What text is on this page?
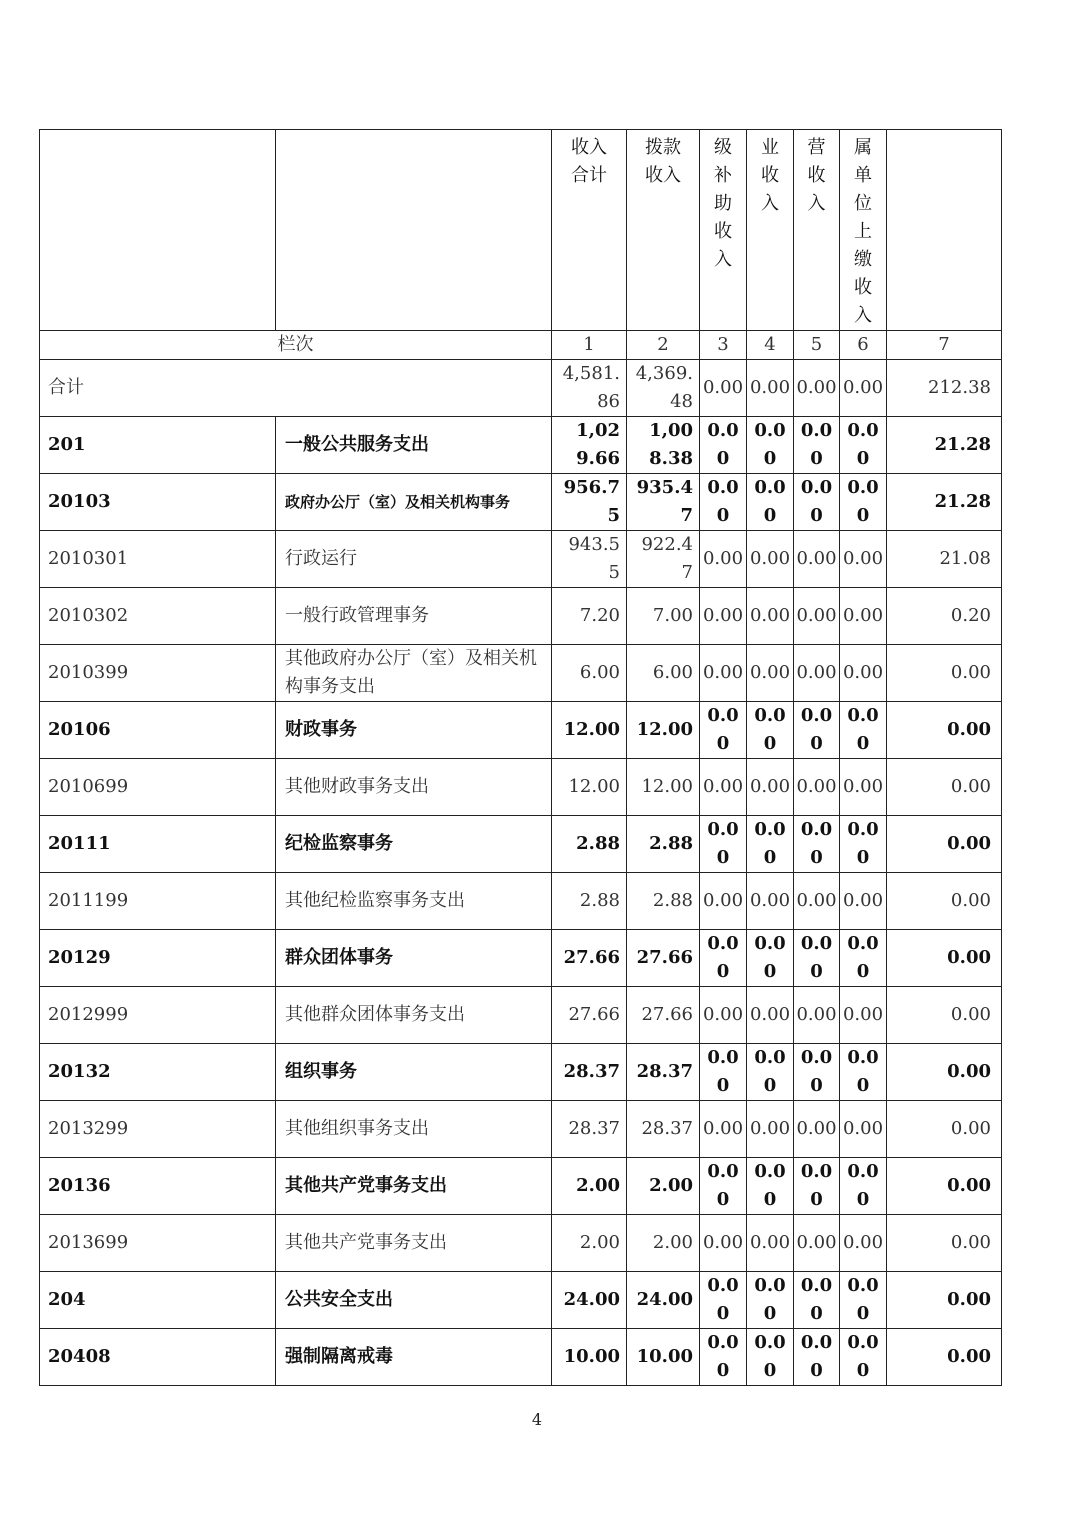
		收入合计	拨款收入	级补助收入	业收入	营收入	属单位上缴收入	

栏次		1	2	3	4	5	6	7
合计		4,581.86	4,369.48	0.00	0.00	0.00	0.00	212.38
201	一般公共服务支出	1,029.66	1,008.38	0.00	0.00	0.00	0.00	21.28
20103	政府办公厅（室）及相关机构事务	956.75	935.47	0.00	0.00	0.00	0.00	21.28
2010301	行政运行	943.55	922.47	0.00	0.00	0.00	0.00	21.08
2010302	一般行政管理事务	7.20	7.00	0.00	0.00	0.00	0.00	0.20
2010399	其他政府办公厅（室）及相关机构事务支出	6.00	6.00	0.00	0.00	0.00	0.00	0.00
20106	财政事务	12.00	12.00	0.00	0.00	0.00	0.00	0.00
2010699	其他财政事务支出	12.00	12.00	0.00	0.00	0.00	0.00	0.00
20111	纪检监察事务	2.88	2.88	0.00	0.00	0.00	0.00	0.00
2011199	其他纪检监察事务支出	2.88	2.88	0.00	0.00	0.00	0.00	0.00
20129	群众团体事务	27.66	27.66	0.00	0.00	0.00	0.00	0.00
2012999	其他群众团体事务支出	27.66	27.66	0.00	0.00	0.00	0.00	0.00
20132	组织事务	28.37	28.37	0.00	0.00	0.00	0.00	0.00
2013299	其他组织事务支出	28.37	28.37	0.00	0.00	0.00	0.00	0.00
20136	其他共产党事务支出	2.00	2.00	0.00	0.00	0.00	0.00	0.00
2013699	其他共产党事务支出	2.00	2.00	0.00	0.00	0.00	0.00	0.00
204	公共安全支出	24.00	24.00	0.00	0.00	0.00	0.00	0.00
20408	强制隔离戒毒	10.00	10.00	0.00	0.00	0.00	0.00	0.00
4
